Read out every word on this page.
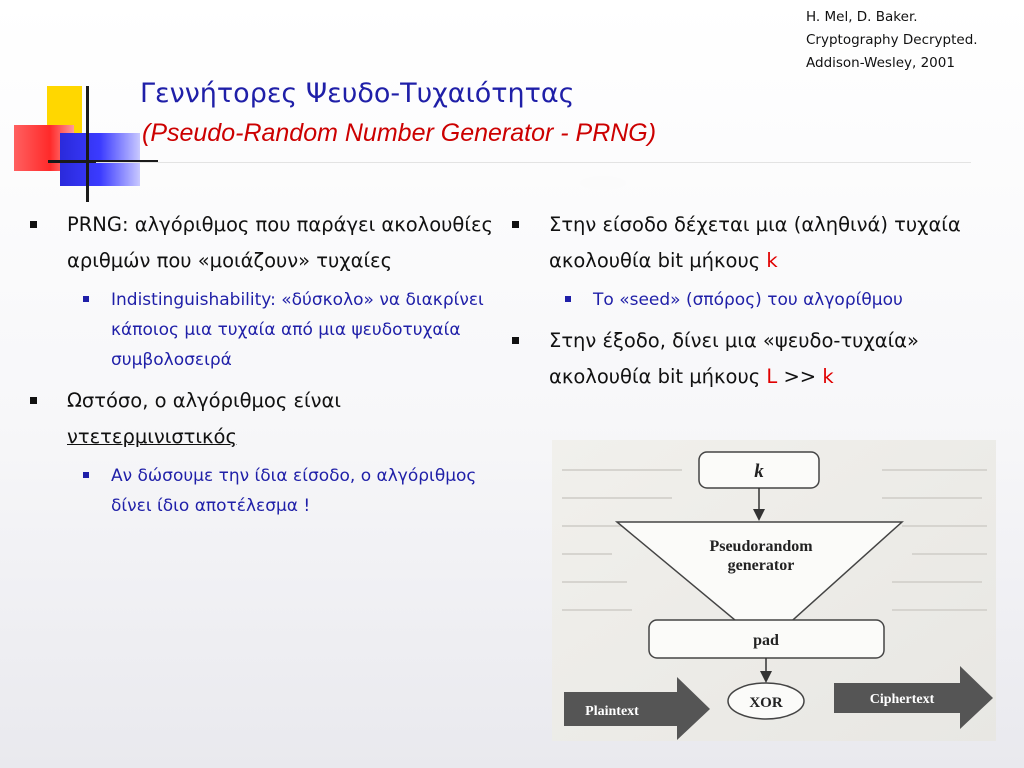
H. Mel, D. Baker.
Cryptography Decrypted.
Addison-Wesley, 2001
Γεννήτορες Ψευδο-Τυχαιότητας
(Pseudo-Random Number Generator - PRNG)
PRNG: αλγόριθμος που παράγει ακολουθίες αριθμών που «μοιάζουν» τυχαίες
Indistinguishability: «δύσκολο» να διακρίνει κάποιος μια τυχαία από μια ψευδοτυχαία συμβολοσειρά
Ωστόσο, ο αλγόριθμος είναι ντετερμινιστικός
Αν δώσουμε την ίδια είσοδο, ο αλγόριθμος δίνει ίδιο αποτέλεσμα !
Στην είσοδο δέχεται μια (αληθινά) τυχαία ακολουθία bit μήκους k
Το «seed» (σπόρος) του αλγορίθμου
Στην έξοδο, δίνει μια «ψευδο-τυχαία» ακολουθία bit μήκους L >> k
k
Pseudorandom
generator
pad
XOR
Plaintext
Ciphertext
